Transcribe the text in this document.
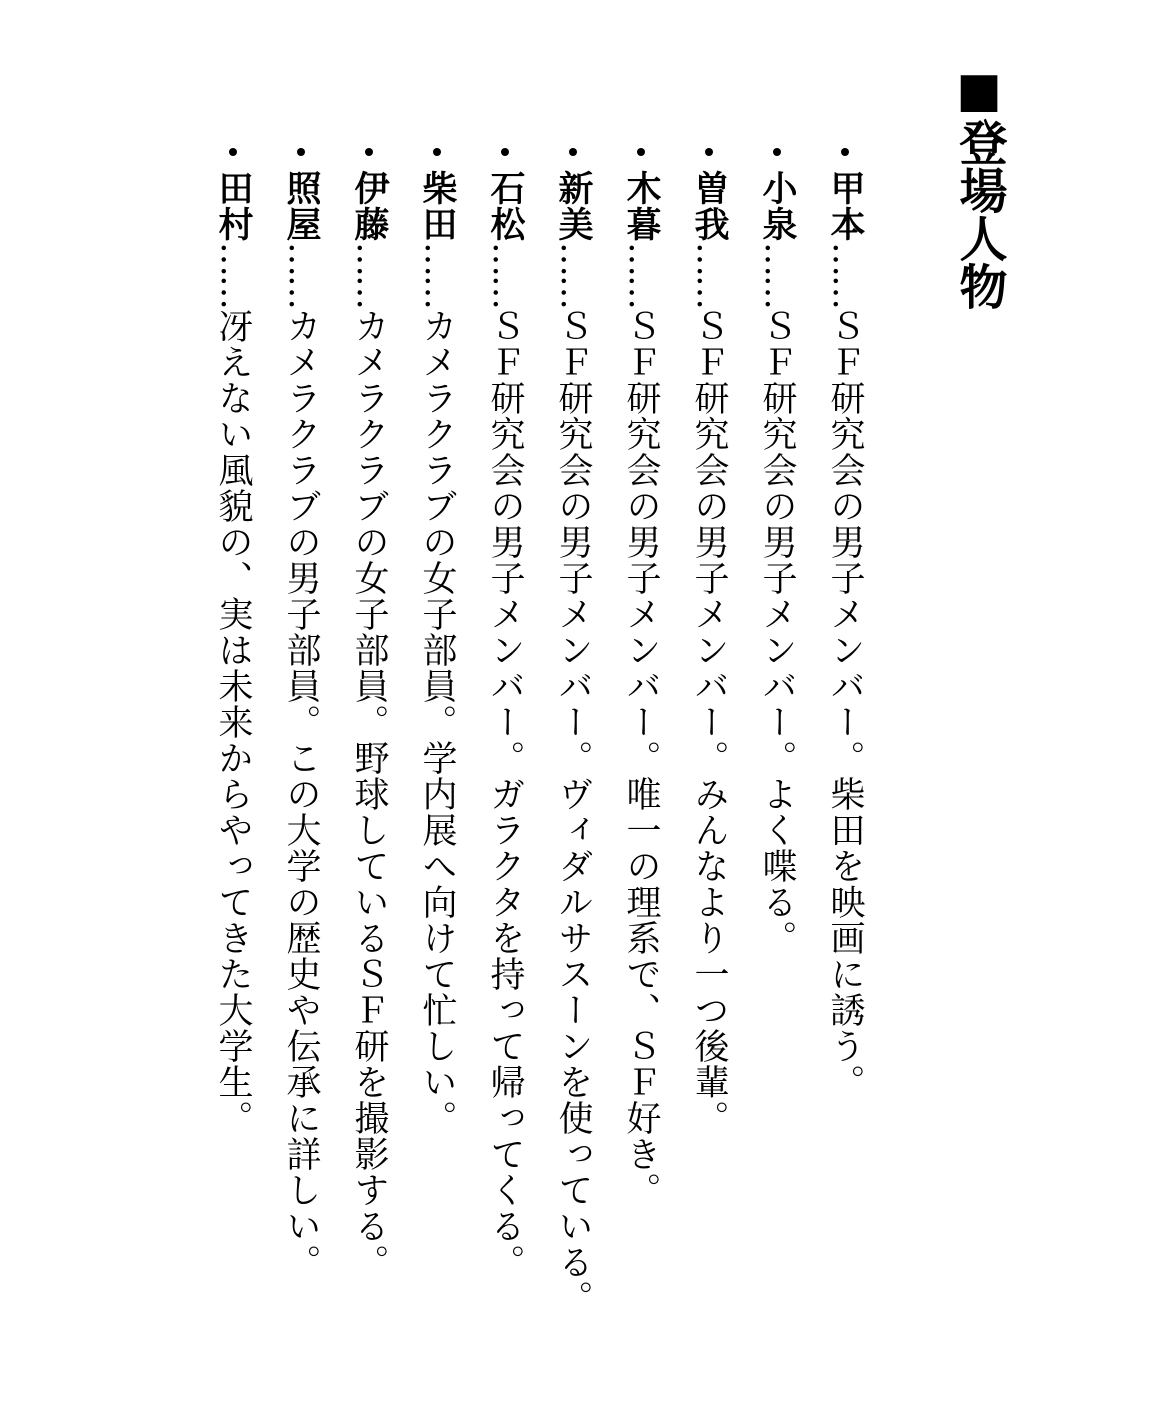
■登場人物
甲本……ＳＦ研究会の男子メンバー。柴田を映画に誘う。
小泉……ＳＦ研究会の男子メンバー。よく喋る。
曽我……ＳＦ研究会の男子メンバー。みんなより一つ後輩。
木暮……ＳＦ研究会の男子メンバー。唯一の理系で、ＳＦ好き。
新美……ＳＦ研究会の男子メンバー。ヴィダルサスーンを使っている。
石松……ＳＦ研究会の男子メンバー。ガラクタを持って帰ってくる。
柴田……カメラクラブの女子部員。学内展へ向けて忙しい。
伊藤……カメラクラブの女子部員。野球しているＳＦ研を撮影する。
照屋……カメラクラブの男子部員。この大学の歴史や伝承に詳しい。
田村……冴えない風貌の、実は未来からやってきた大学生。
